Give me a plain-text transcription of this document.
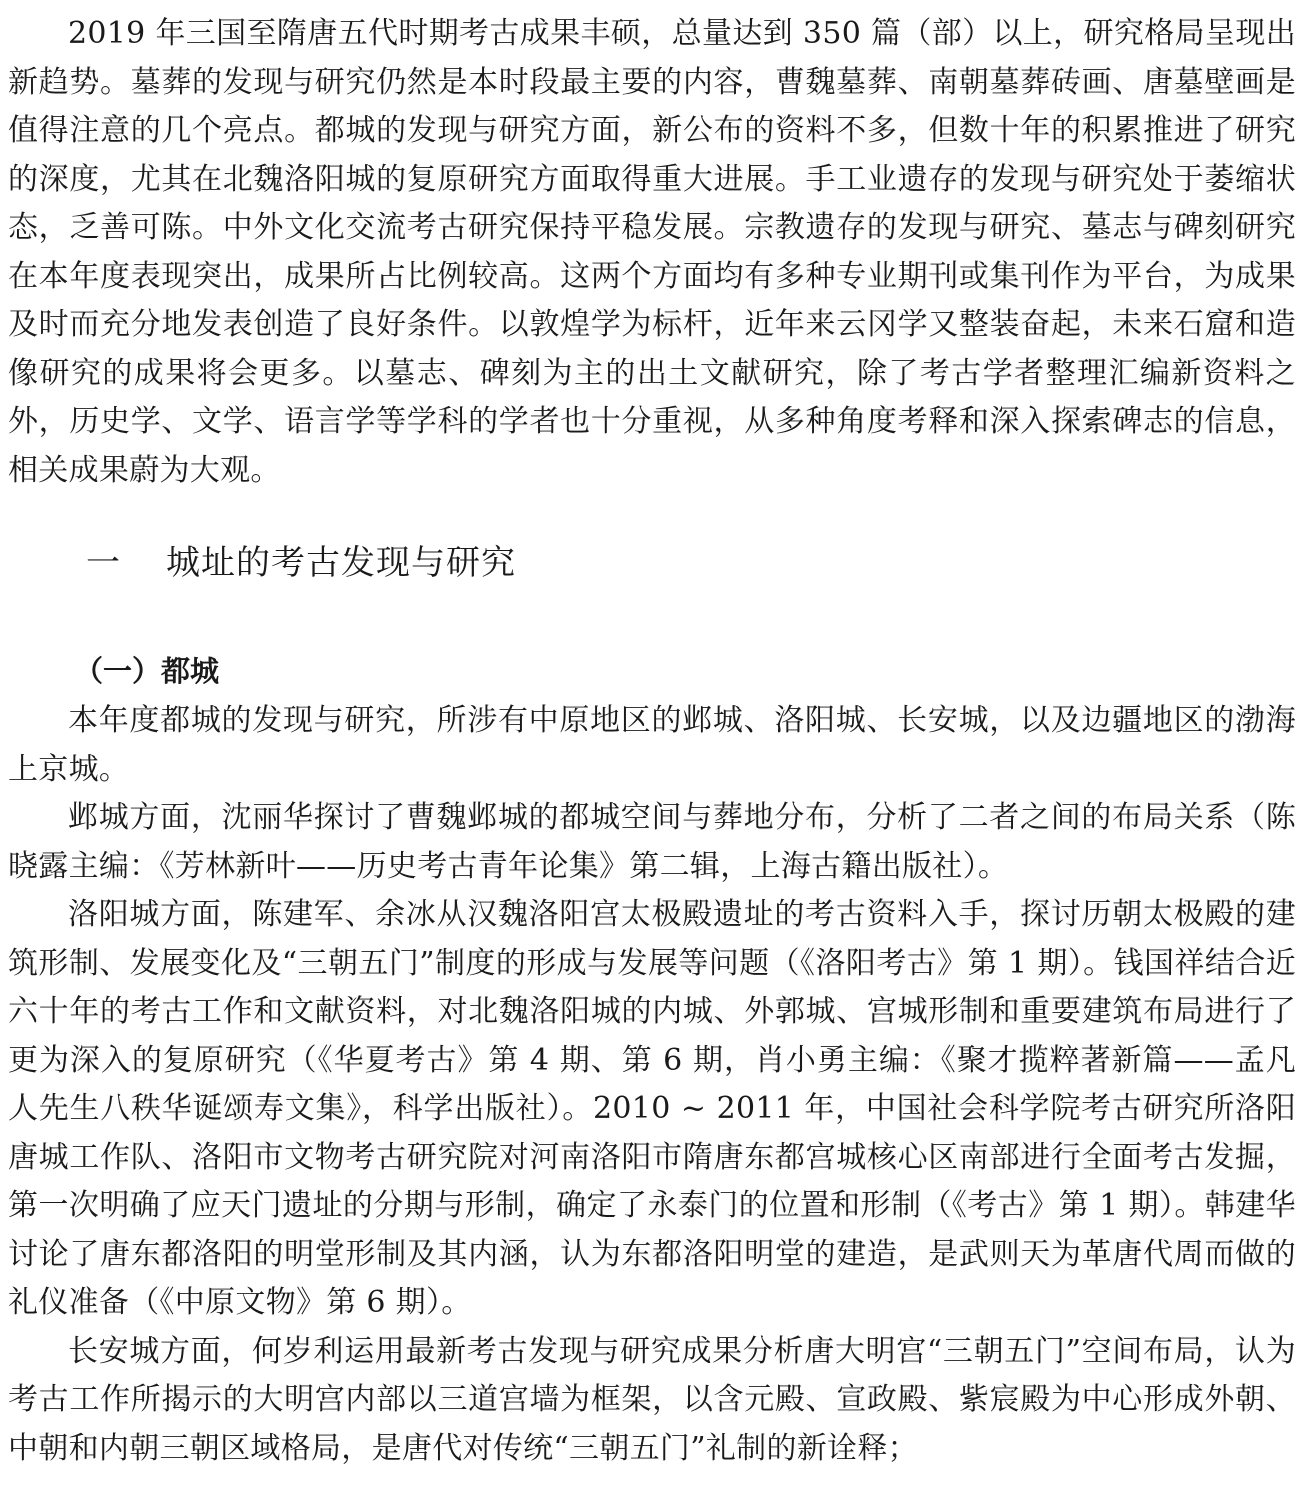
2019 年三国至隋唐五代时期考古成果丰硕，总量达到 350 篇（部）以上，研究格局呈现出新趋势。墓葬的发现与研究仍然是本时段最主要的内容，曹魏墓葬、南朝墓葬砖画、唐墓壁画是值得注意的几个亮点。都城的发现与研究方面，新公布的资料不多，但数十年的积累推进了研究的深度，尤其在北魏洛阳城的复原研究方面取得重大进展。手工业遗存的发现与研究处于萎缩状态，乏善可陈。中外文化交流考古研究保持平稳发展。宗教遗存的发现与研究、墓志与碑刻研究在本年度表现突出，成果所占比例较高。这两个方面均有多种专业期刊或集刊作为平台，为成果及时而充分地发表创造了良好条件。以敦煌学为标杆，近年来云冈学又整装奋起，未来石窟和造像研究的成果将会更多。以墓志、碑刻为主的出土文献研究，除了考古学者整理汇编新资料之外，历史学、文学、语言学等学科的学者也十分重视，从多种角度考释和深入探索碑志的信息，相关成果蔚为大观。

一 城址的考古发现与研究
（一）都城

本年度都城的发现与研究，所涉有中原地区的邺城、洛阳城、长安城，以及边疆地区的渤海上京城。

邺城方面，沈丽华探讨了曹魏邺城的都城空间与葬地分布，分析了二者之间的布局关系（陈晓露主编：《芳林新叶——历史考古青年论集》第二辑，上海古籍出版社）。

洛阳城方面，陈建军、余冰从汉魏洛阳宫太极殿遗址的考古资料入手，探讨历朝太极殿的建筑形制、发展变化及“三朝五门”制度的形成与发展等问题（《洛阳考古》第 1 期）。钱国祥结合近六十年的考古工作和文献资料，对北魏洛阳城的内城、外郭城、宫城形制和重要建筑布局进行了更为深入的复原研究（《华夏考古》第 4 期、第 6 期，肖小勇主编：《聚才揽粹著新篇——孟凡人先生八秩华诞颂寿文集》，科学出版社）。2010 ~ 2011 年，中国社会科学院考古研究所洛阳唐城工作队、洛阳市文物考古研究院对河南洛阳市隋唐东都宫城核心区南部进行全面考古发掘，第一次明确了应天门遗址的分期与形制，确定了永泰门的位置和形制（《考古》第 1 期）。韩建华讨论了唐东都洛阳的明堂形制及其内涵，认为东都洛阳明堂的建造，是武则天为革唐代周而做的礼仪准备（《中原文物》第 6 期）。

长安城方面，何岁利运用最新考古发现与研究成果分析唐大明宫“三朝五门”空间布局，认为考古工作所揭示的大明宫内部以三道宫墙为框架，以含元殿、宣政殿、紫宸殿为中心形成外朝、中朝和内朝三朝区域格局，是唐代对传统“三朝五门”礼制的新诠释；
